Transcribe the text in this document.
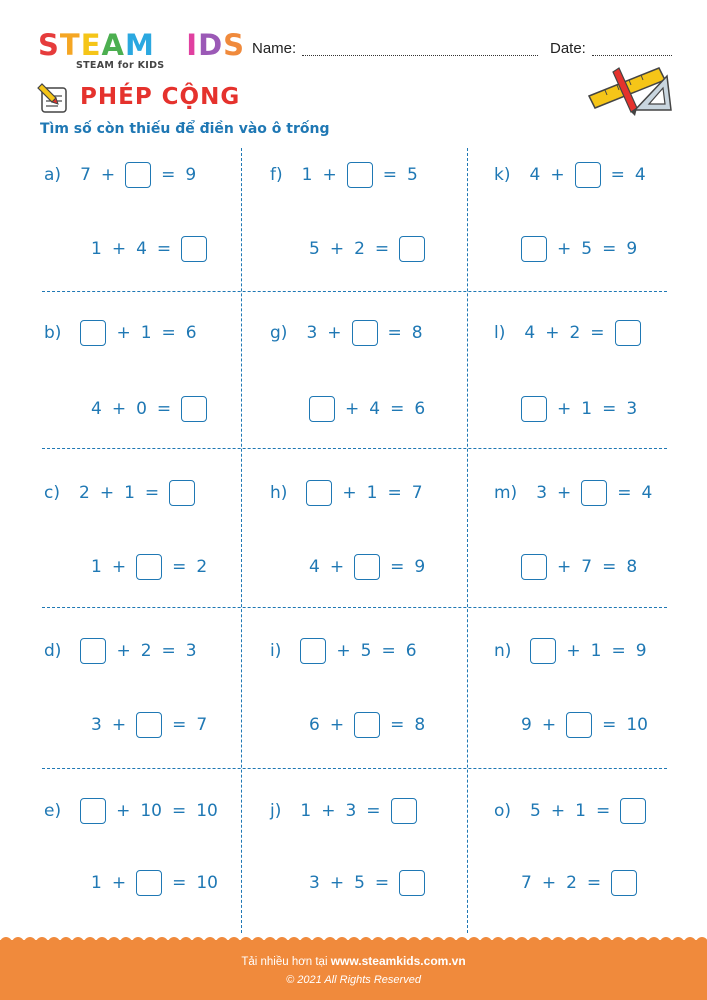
STEAM KIDS
STEAM for KIDS
Name:	Date:
PHÉP CỘNG
Tìm số còn thiếu để điền vào ô trống
a) 7 +	= 9
1 + 4 =
b)	+ 1 = 6
4 + 0 =
c) 2 + 1 =
1 +	= 2
d)	+ 2 = 3
3 +	= 7
e)	+ 10 = 10
1 +	= 10
f) 1 +	= 5
5 + 2 =
g) 3 +	= 8
+ 4 = 6
h)	+ 1 = 7
4 +	= 9
i)	+ 5 = 6
6 +	= 8
j) 1 + 3 =
3 + 5 =
k) 4 +	= 4
+ 5 = 9
l) 4 + 2 =
+ 1 = 3
m) 3 +	= 4
+ 7 = 8
n)	+ 1 = 9
9 +	= 10
o) 5 + 1 =
7 + 2 =
Tải nhiều hơn tại www.steamkids.com.vn
© 2021 All Rights Reserved
